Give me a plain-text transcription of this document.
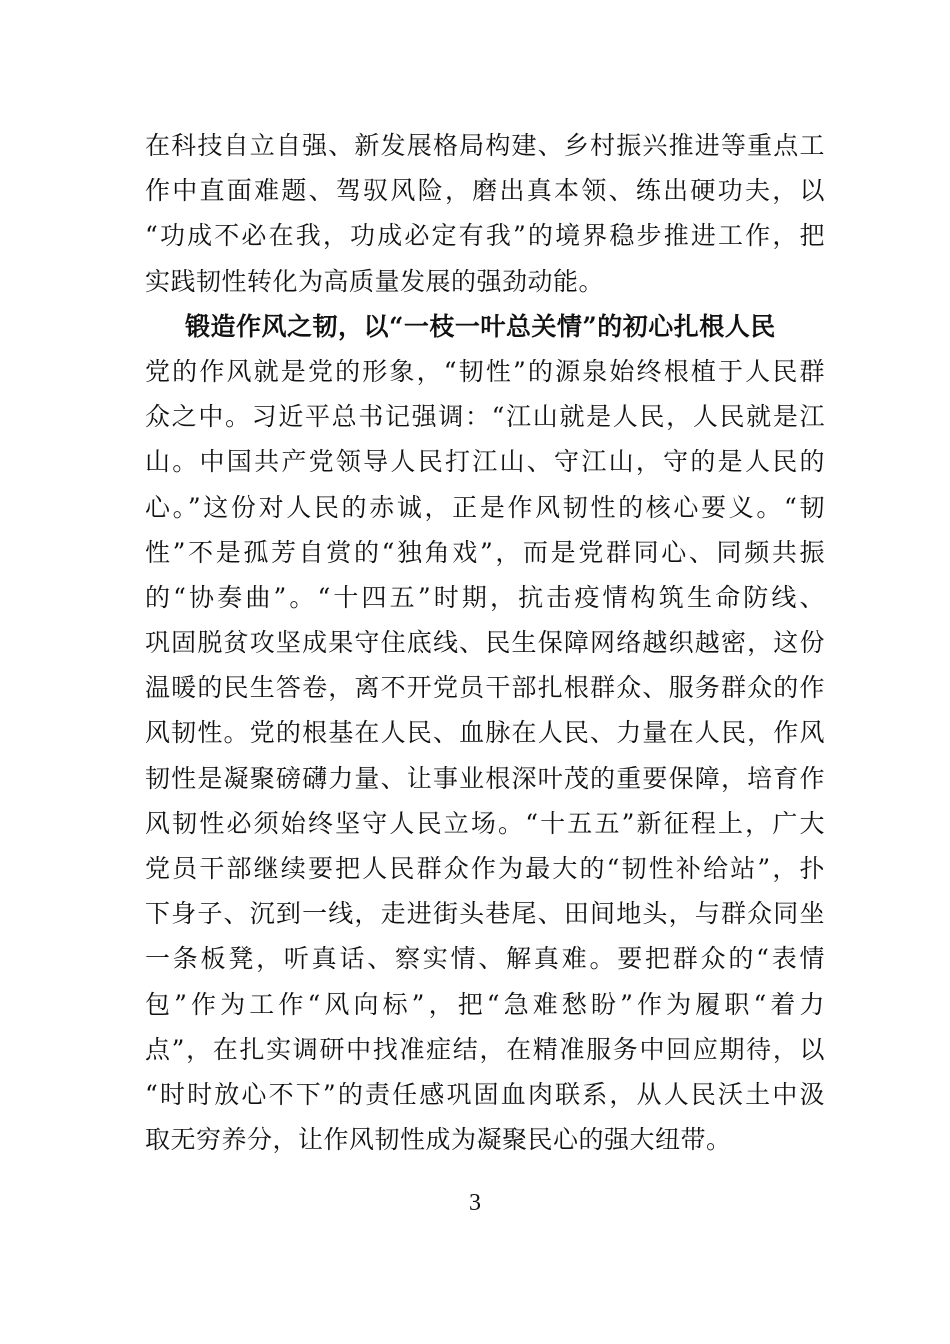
在科技自立自强、新发展格局构建、乡村振兴推进等重点工
作中直面难题、驾驭风险，磨出真本领、练出硬功夫，以
“功成不必在我，功成必定有我”的境界稳步推进工作，把
实践韧性转化为高质量发展的强劲动能。
锻造作风之韧，以“一枝一叶总关情”的初心扎根人民
党的作风就是党的形象，“韧性”的源泉始终根植于人民群
众之中。习近平总书记强调：“江山就是人民，人民就是江
山。中国共产党领导人民打江山、守江山，守的是人民的
心。”这份对人民的赤诚，正是作风韧性的核心要义。“韧
性”不是孤芳自赏的“独角戏”，而是党群同心、同频共振
的“协奏曲”。“十四五”时期，抗击疫情构筑生命防线、
巩固脱贫攻坚成果守住底线、民生保障网络越织越密，这份
温暖的民生答卷，离不开党员干部扎根群众、服务群众的作
风韧性。党的根基在人民、血脉在人民、力量在人民，作风
韧性是凝聚磅礴力量、让事业根深叶茂的重要保障，培育作
风韧性必须始终坚守人民立场。“十五五”新征程上，广大
党员干部继续要把人民群众作为最大的“韧性补给站”，扑
下身子、沉到一线，走进街头巷尾、田间地头，与群众同坐
一条板凳，听真话、察实情、解真难。要把群众的“表情
包”作为工作“风向标”，把“急难愁盼”作为履职“着力
点”，在扎实调研中找准症结，在精准服务中回应期待，以
“时时放心不下”的责任感巩固血肉联系，从人民沃土中汲
取无穷养分，让作风韧性成为凝聚民心的强大纽带。
3
